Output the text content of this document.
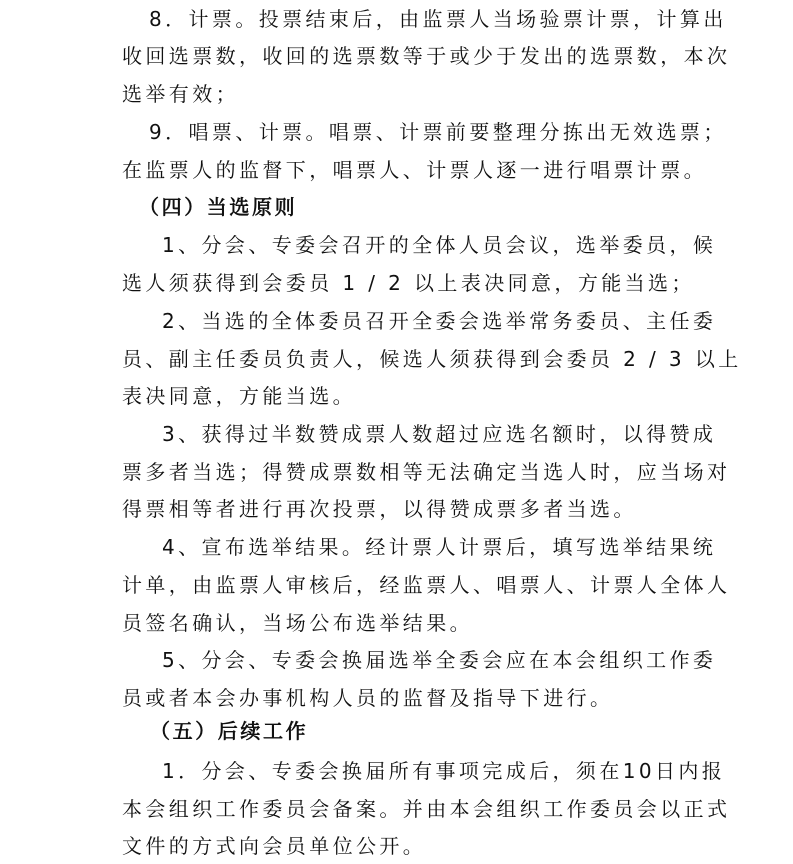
8．计票。投票结束后，由监票人当场验票计票，计算出

收回选票数，收回的选票数等于或少于发出的选票数，本次

选举有效；

9．唱票、计票。唱票、计票前要整理分拣出无效选票；

在监票人的监督下，唱票人、计票人逐一进行唱票计票。

（四）当选原则

1、分会、专委会召开的全体人员会议，选举委员，候

选人须获得到会委员 1 / 2 以上表决同意，方能当选；

2、当选的全体委员召开全委会选举常务委员、主任委

员、副主任委员负责人，候选人须获得到会委员 2 / 3 以上

表决同意，方能当选。

3、获得过半数赞成票人数超过应选名额时，以得赞成

票多者当选；得赞成票数相等无法确定当选人时，应当场对

得票相等者进行再次投票，以得赞成票多者当选。

4、宣布选举结果。经计票人计票后，填写选举结果统

计单，由监票人审核后，经监票人、唱票人、计票人全体人

员签名确认，当场公布选举结果。

5、分会、专委会换届选举全委会应在本会组织工作委

员或者本会办事机构人员的监督及指导下进行。

（五）后续工作

1．分会、专委会换届所有事项完成后，须在10日内报

本会组织工作委员会备案。并由本会组织工作委员会以正式

文件的方式向会员单位公开。
